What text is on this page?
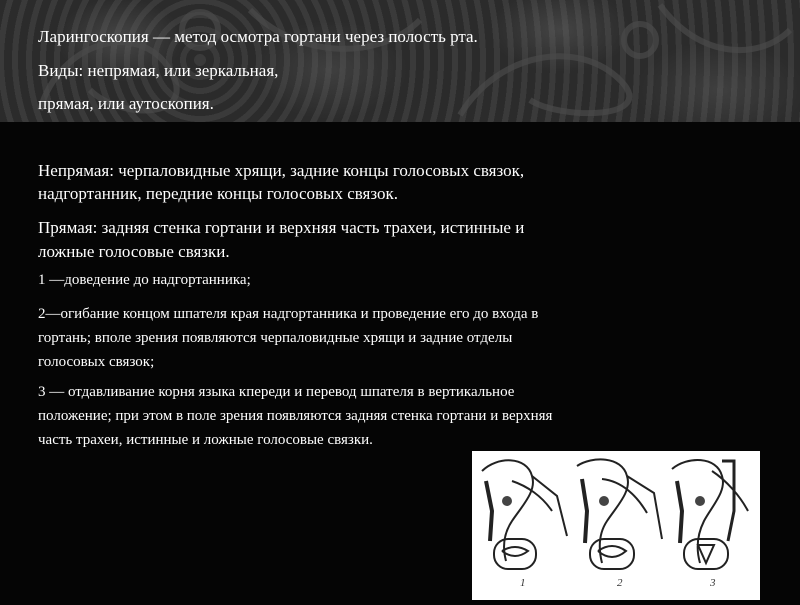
Ларингоскопия — метод осмотра гортани через полость рта.

Виды: непрямая, или зеркальная,

прямая, или аутоскопия.

Непрямая: черпаловидные хрящи, задние концы голосовых связок,

надгортанник, передние концы голосовых связок.

Прямая: задняя стенка гортани и верхняя часть трахеи, истинные и

ложные голосовые связки.

1 —доведение до надгортанника;

2—огибание концом шпателя края надгортанника и проведение его до входа в

гортань; вполе зрения появляются черпаловидные хрящи и задние отделы

голосовых связок;

3 — отдавливание корня языка кпереди и перевод шпателя в вертикальное

положение; при этом в поле зрения появляются задняя стенка гортани и верхняя

часть трахеи, истинные и ложные голосовые связки.

1	2	3
